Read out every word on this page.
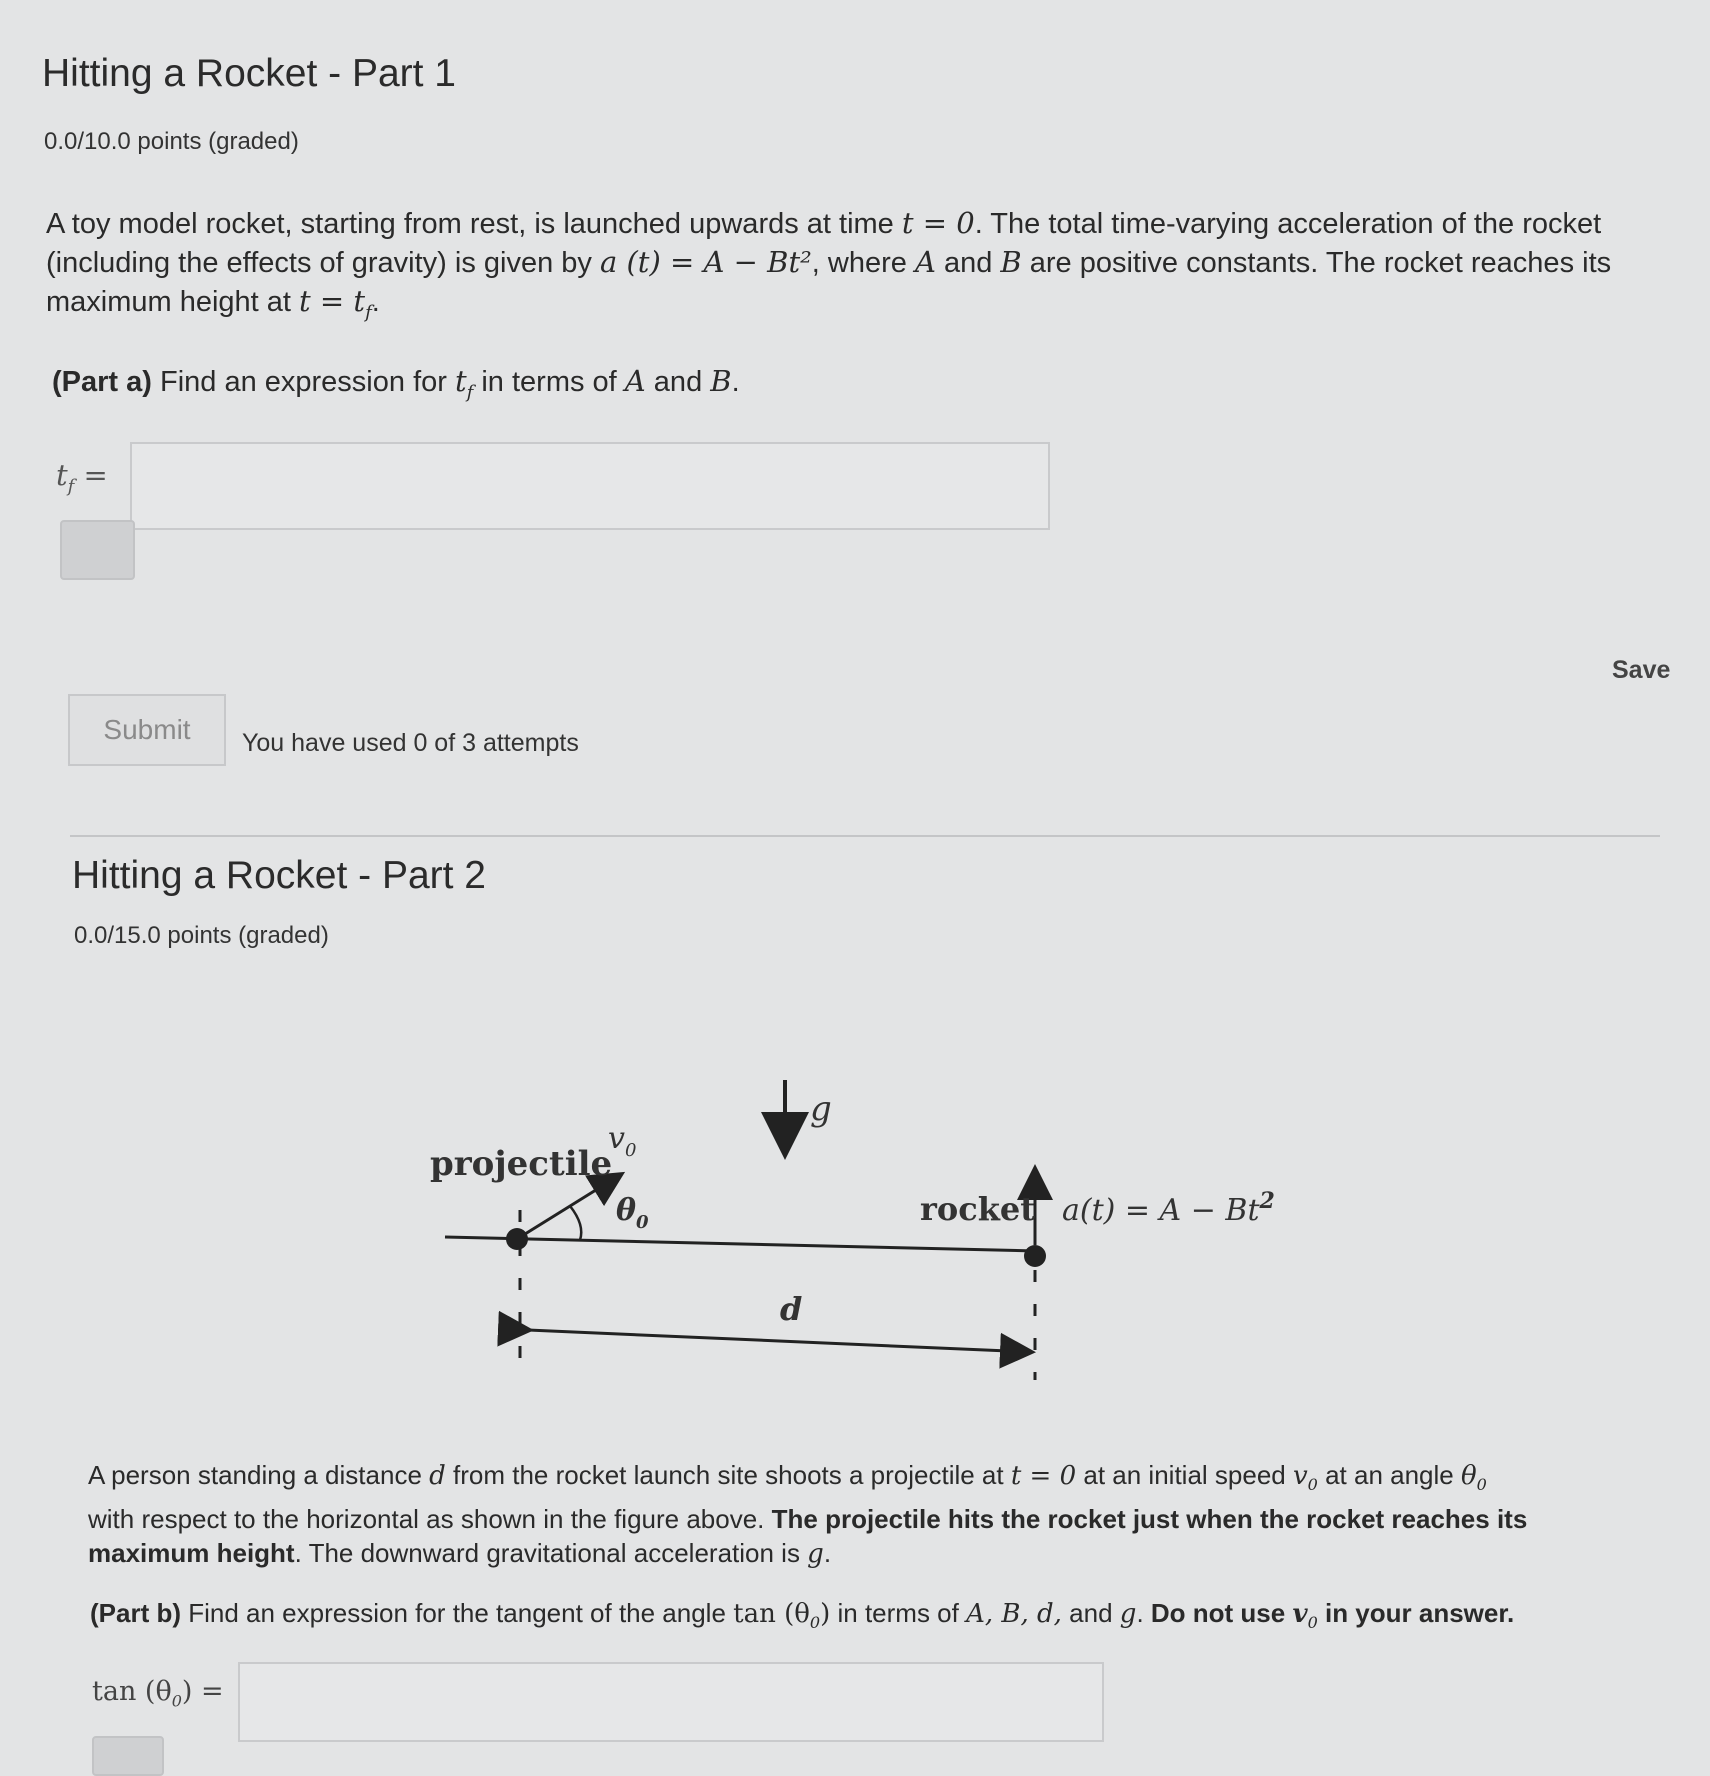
Hitting a Rocket - Part 1
0.0/10.0 points (graded)
A toy model rocket, starting from rest, is launched upwards at time t = 0. The total time-varying acceleration of the rocket
(including the effects of gravity) is given by a (t) = A − Bt², where A and B are positive constants. The rocket reaches its
maximum height at $t = t_f$.
(Part a) Find an expression for $t_f$ in terms of A and B.
$t_f$ =
Save
Submit	You have used 0 of 3 attempts
Hitting a Rocket - Part 2
0.0/15.0 points (graded)
projectile
$v_0$
$\theta_0$
g
rocket $a(t) = A - Bt^2$
d
A person standing a distance d from the rocket launch site shoots a projectile at t = 0 at an initial speed $v_0$ at an angle $\theta_0$
with respect to the horizontal as shown in the figure above. The projectile hits the rocket just when the rocket reaches its
maximum height. The downward gravitational acceleration is g.
(Part b) Find an expression for the tangent of the angle $\tan (\theta_0)$ in terms of A, B, d, and g. Do not use $v_0$ in your answer.
$\tan (\theta_0)$ =
